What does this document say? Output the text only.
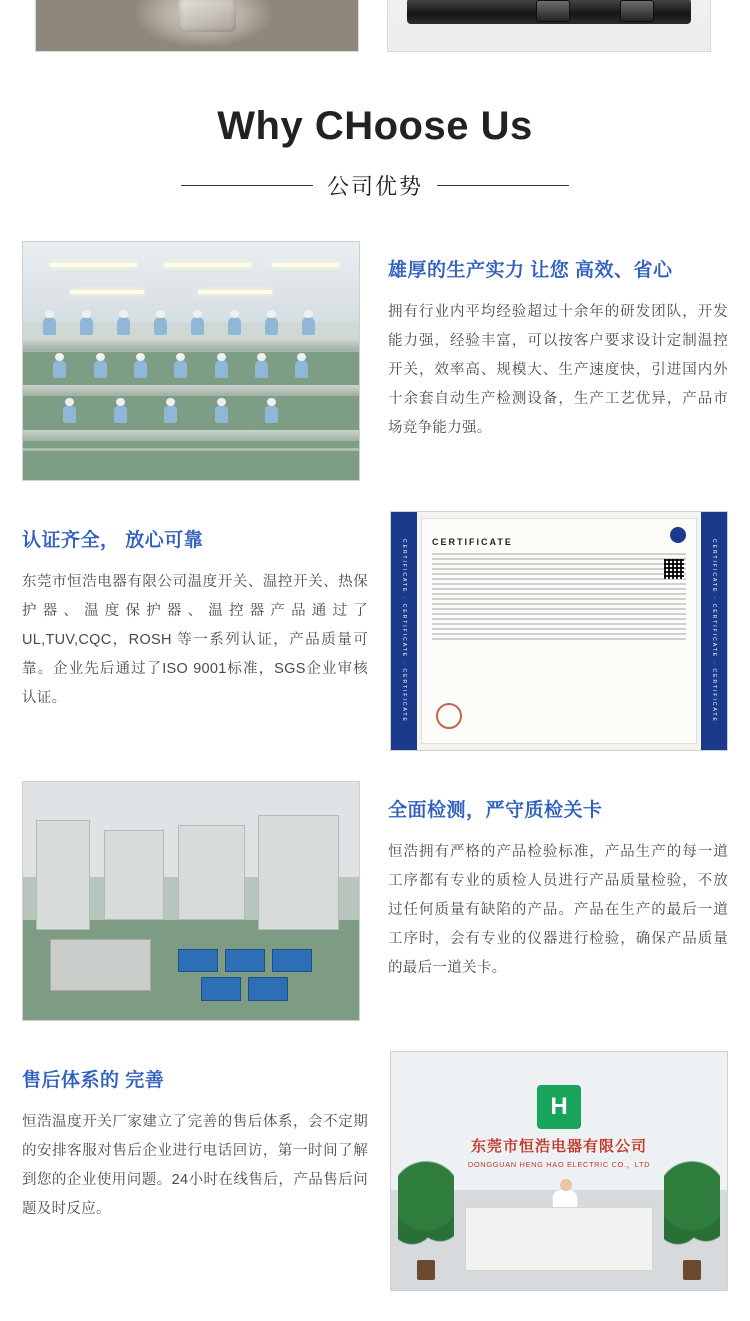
Why CHoose Us
公司优势
雄厚的生产实力 让您 高效、省心
拥有行业内平均经验超过十余年的研发团队，开发能力强，经验丰富，可以按客户要求设计定制温控开关，效率高、规模大、生产速度快，引进国内外十余套自动生产检测设备，生产工艺优异，产品市场竞争能力强。
认证齐全， 放心可靠
东莞市恒浩电器有限公司温度开关、温控开关、热保护器、温度保护器、温控器产品通过了UL,TUV,CQC，ROSH 等一系列认证，产品质量可靠。企业先后通过了ISO 9001标准，SGS企业审核认证。	CERTIFICATE · CERTIFICATE · CERTIFICATE	CERTIFICATE	CERTIFICATE · CERTIFICATE · CERTIFICATE
全面检测，严守质检关卡
恒浩拥有严格的产品检验标准，产品生产的每一道工序都有专业的质检人员进行产品质量检验，不放过任何质量有缺陷的产品。产品在生产的最后一道工序时，会有专业的仪器进行检验，确保产品质量的最后一道关卡。
售后体系的 完善
恒浩温度开关厂家建立了完善的售后体系，会不定期的安排客服对售后企业进行电话回访，第一时间了解到您的企业使用问题。24小时在线售后，产品售后问题及时反应。
H
东莞市恒浩电器有限公司
DONGGUAN HENG HAO ELECTRIC CO.，LTD
